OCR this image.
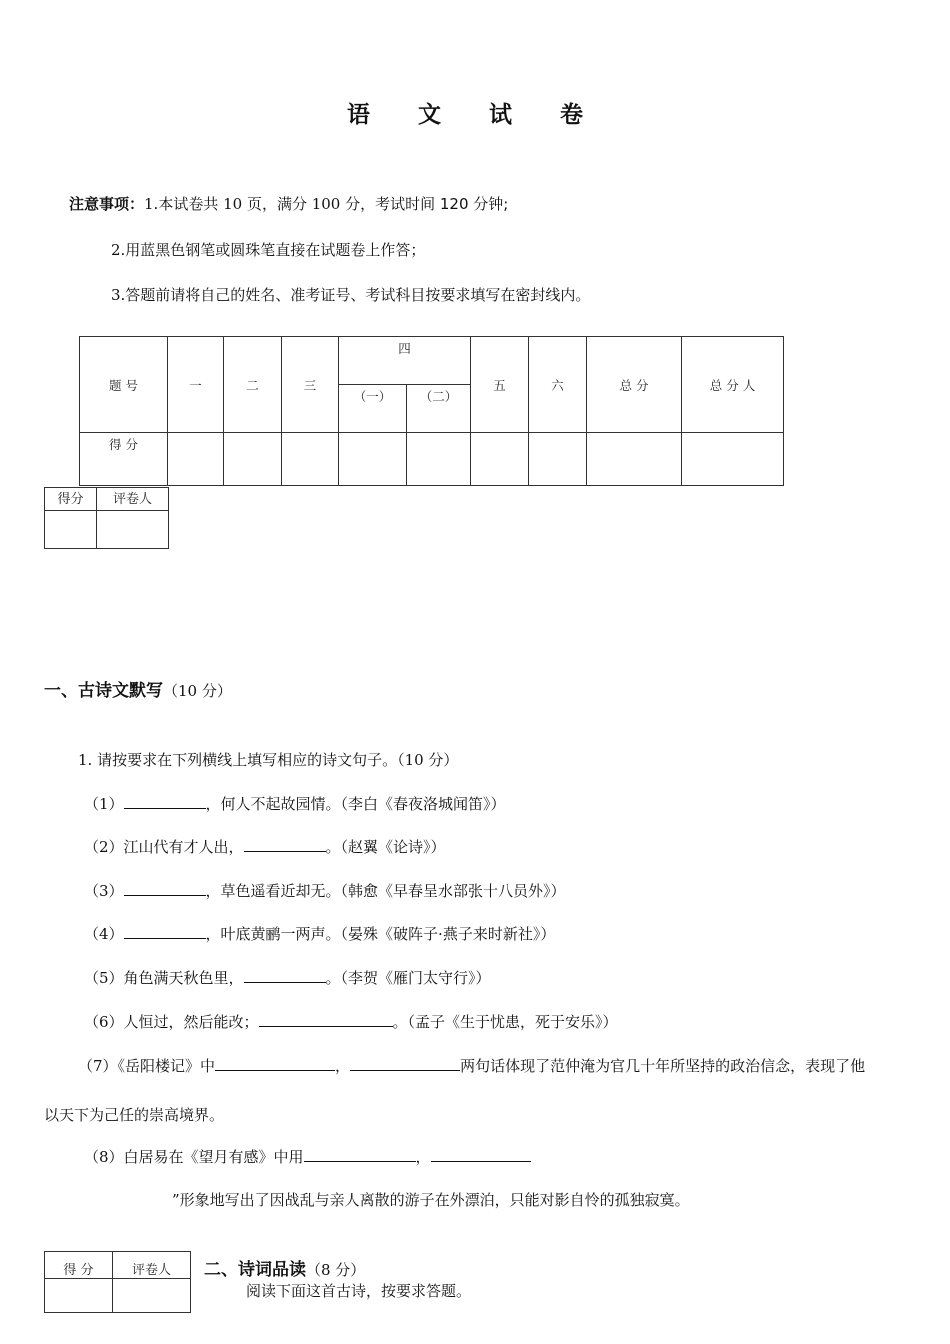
语 文 试 卷
注意事项：1.本试卷共 10 页，满分 100 分，考试时间 120 分钟;
2.用蓝黑色钢笔或圆珠笔直接在试题卷上作答；
3.答题前请将自己的姓名、准考证号、考试科目按要求填写在密封线内。
题 号	一	二	三	四		五	六	总 分	总 分 人
				（一）	（二）				
得 分									
得分	评卷人

一、古诗文默写（10 分）
1. 请按要求在下列横线上填写相应的诗文句子。（10 分）
（1）	，何人不起故园情。（李白《春夜洛城闻笛》）
（2）江山代有才人出，	。（赵翼《论诗》）
（3）	，草色遥看近却无。（韩愈《早春呈水部张十八员外》）
（4）	，叶底黄鹂一两声。（晏殊《破阵子·燕子来时新社》）
（5）角色满天秋色里，	。（李贺《雁门太守行》）
（6）人恒过，然后能改；	。（孟子《生于忧患，死于安乐》）
（7）《岳阳楼记》中	，	两句话体现了范仲淹为官几十年所坚持的政治信念，表现了他
以天下为己任的崇高境界。
（8）白居易在《望月有感》中用	，
”形象地写出了因战乱与亲人离散的游子在外漂泊，只能对影自怜的孤独寂寞。
得 分	评卷人
	二、诗词品读（8 分）
阅读下面这首古诗，按要求答题。
